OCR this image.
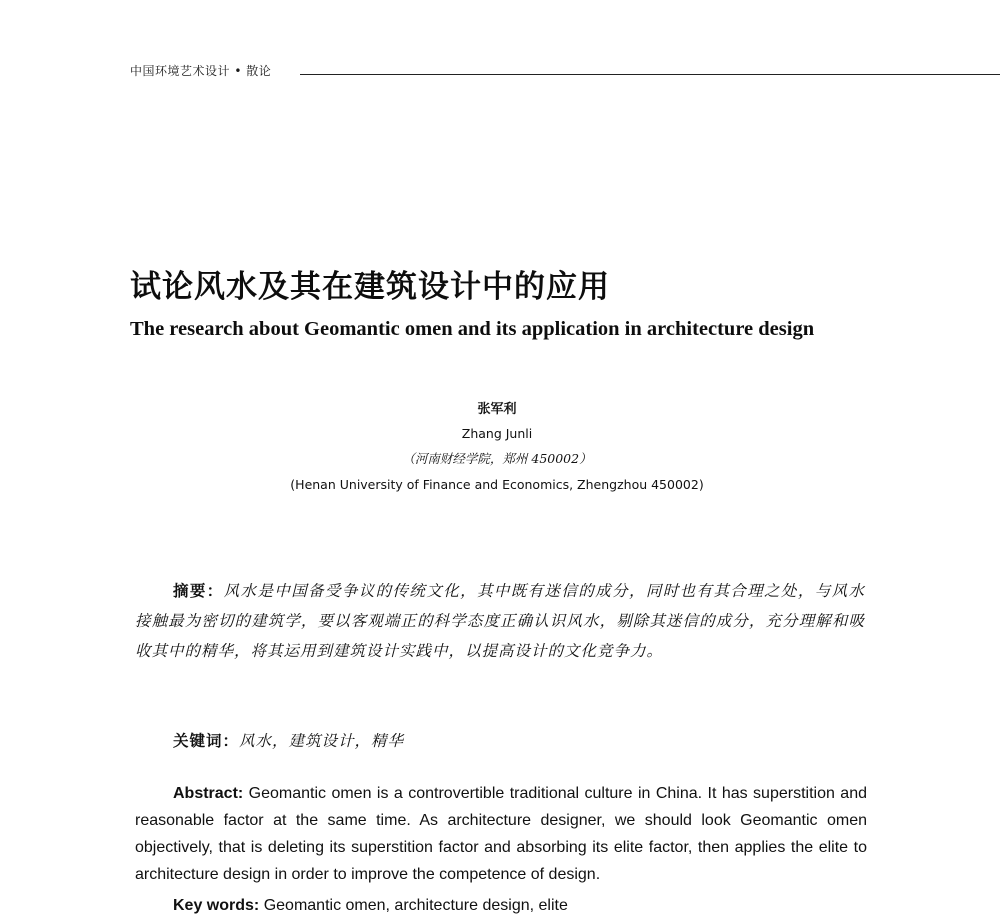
中国环境艺术设计 • 散论
试论风水及其在建筑设计中的应用
The research about Geomantic omen and its application in architecture design
张军利
Zhang Junli
（河南财经学院，郑州 450002）
(Henan University of Finance and Economics, Zhengzhou 450002)
摘要：风水是中国备受争议的传统文化，其中既有迷信的成分，同时也有其合理之处，与风水接触最为密切的建筑学，要以客观端正的科学态度正确认识风水，剔除其迷信的成分，充分理解和吸收其中的精华，将其运用到建筑设计实践中，以提高设计的文化竞争力。
关键词：风水，建筑设计，精华
Abstract: Geomantic omen is a controvertible traditional culture in China. It has superstition and reasonable factor at the same time. As architecture designer, we should look Geomantic omen objectively, that is deleting its superstition factor and absorbing its elite factor, then applies the elite to architecture design in order to improve the competence of design.
Key words: Geomantic omen, architecture design, elite
